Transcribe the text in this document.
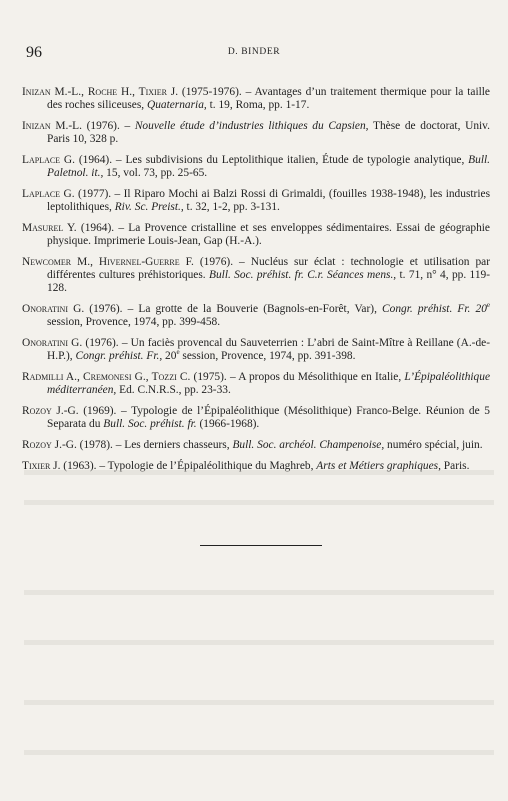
96	D. BINDER

Inizan M.-L., Roche H., Tixier J. (1975-1976). – Avantages d’un traitement thermique pour la taille des roches siliceuses, Quaternaria, t. 19, Roma, pp. 1-17.

Inizan M.-L. (1976). – Nouvelle étude d’industries lithiques du Capsien, Thèse de doctorat, Univ. Paris 10, 328 p.

Laplace G. (1964). – Les subdivisions du Leptolithique italien, Étude de typologie analytique, Bull. Paletnol. it., 15, vol. 73, pp. 25-65.

Laplace G. (1977). – Il Riparo Mochi ai Balzi Rossi di Grimaldi, (fouilles 1938-1948), les industries leptolithiques, Riv. Sc. Preist., t. 32, 1-2, pp. 3-131.

Masurel Y. (1964). – La Provence cristalline et ses enveloppes sédimentaires. Essai de géographie physique. Imprimerie Louis-Jean, Gap (H.-A.).

Newcomer M., Hivernel-Guerre F. (1976). – Nucléus sur éclat : technologie et utilisation par différentes cultures préhistoriques. Bull. Soc. préhist. fr. C.r. Séances mens., t. 71, n° 4, pp. 119-128.

Onoratini G. (1976). – La grotte de la Bouverie (Bagnols-en-Forêt, Var), Congr. préhist. Fr. 20e session, Provence, 1974, pp. 399-458.

Onoratini G. (1976). – Un faciès provencal du Sauveterrien : L’abri de Saint-Mître à Reillane (A.-de-H.P.), Congr. préhist. Fr., 20e session, Provence, 1974, pp. 391-398.

Radmilli A., Cremonesi G., Tozzi C. (1975). – A propos du Mésolithique en Italie, L’Épipaléolithique méditerranéen, Ed. C.N.R.S., pp. 23-33.

Rozoy J.-G. (1969). – Typologie de l’Épipaléolithique (Mésolithique) Franco-Belge. Réunion de 5 Separata du Bull. Soc. préhist. fr. (1966-1968).

Rozoy J.-G. (1978). – Les derniers chasseurs, Bull. Soc. archéol. Champenoise, numéro spécial, juin.

Tixier J. (1963). – Typologie de l’Épipaléolithique du Maghreb, Arts et Métiers graphiques, Paris.
